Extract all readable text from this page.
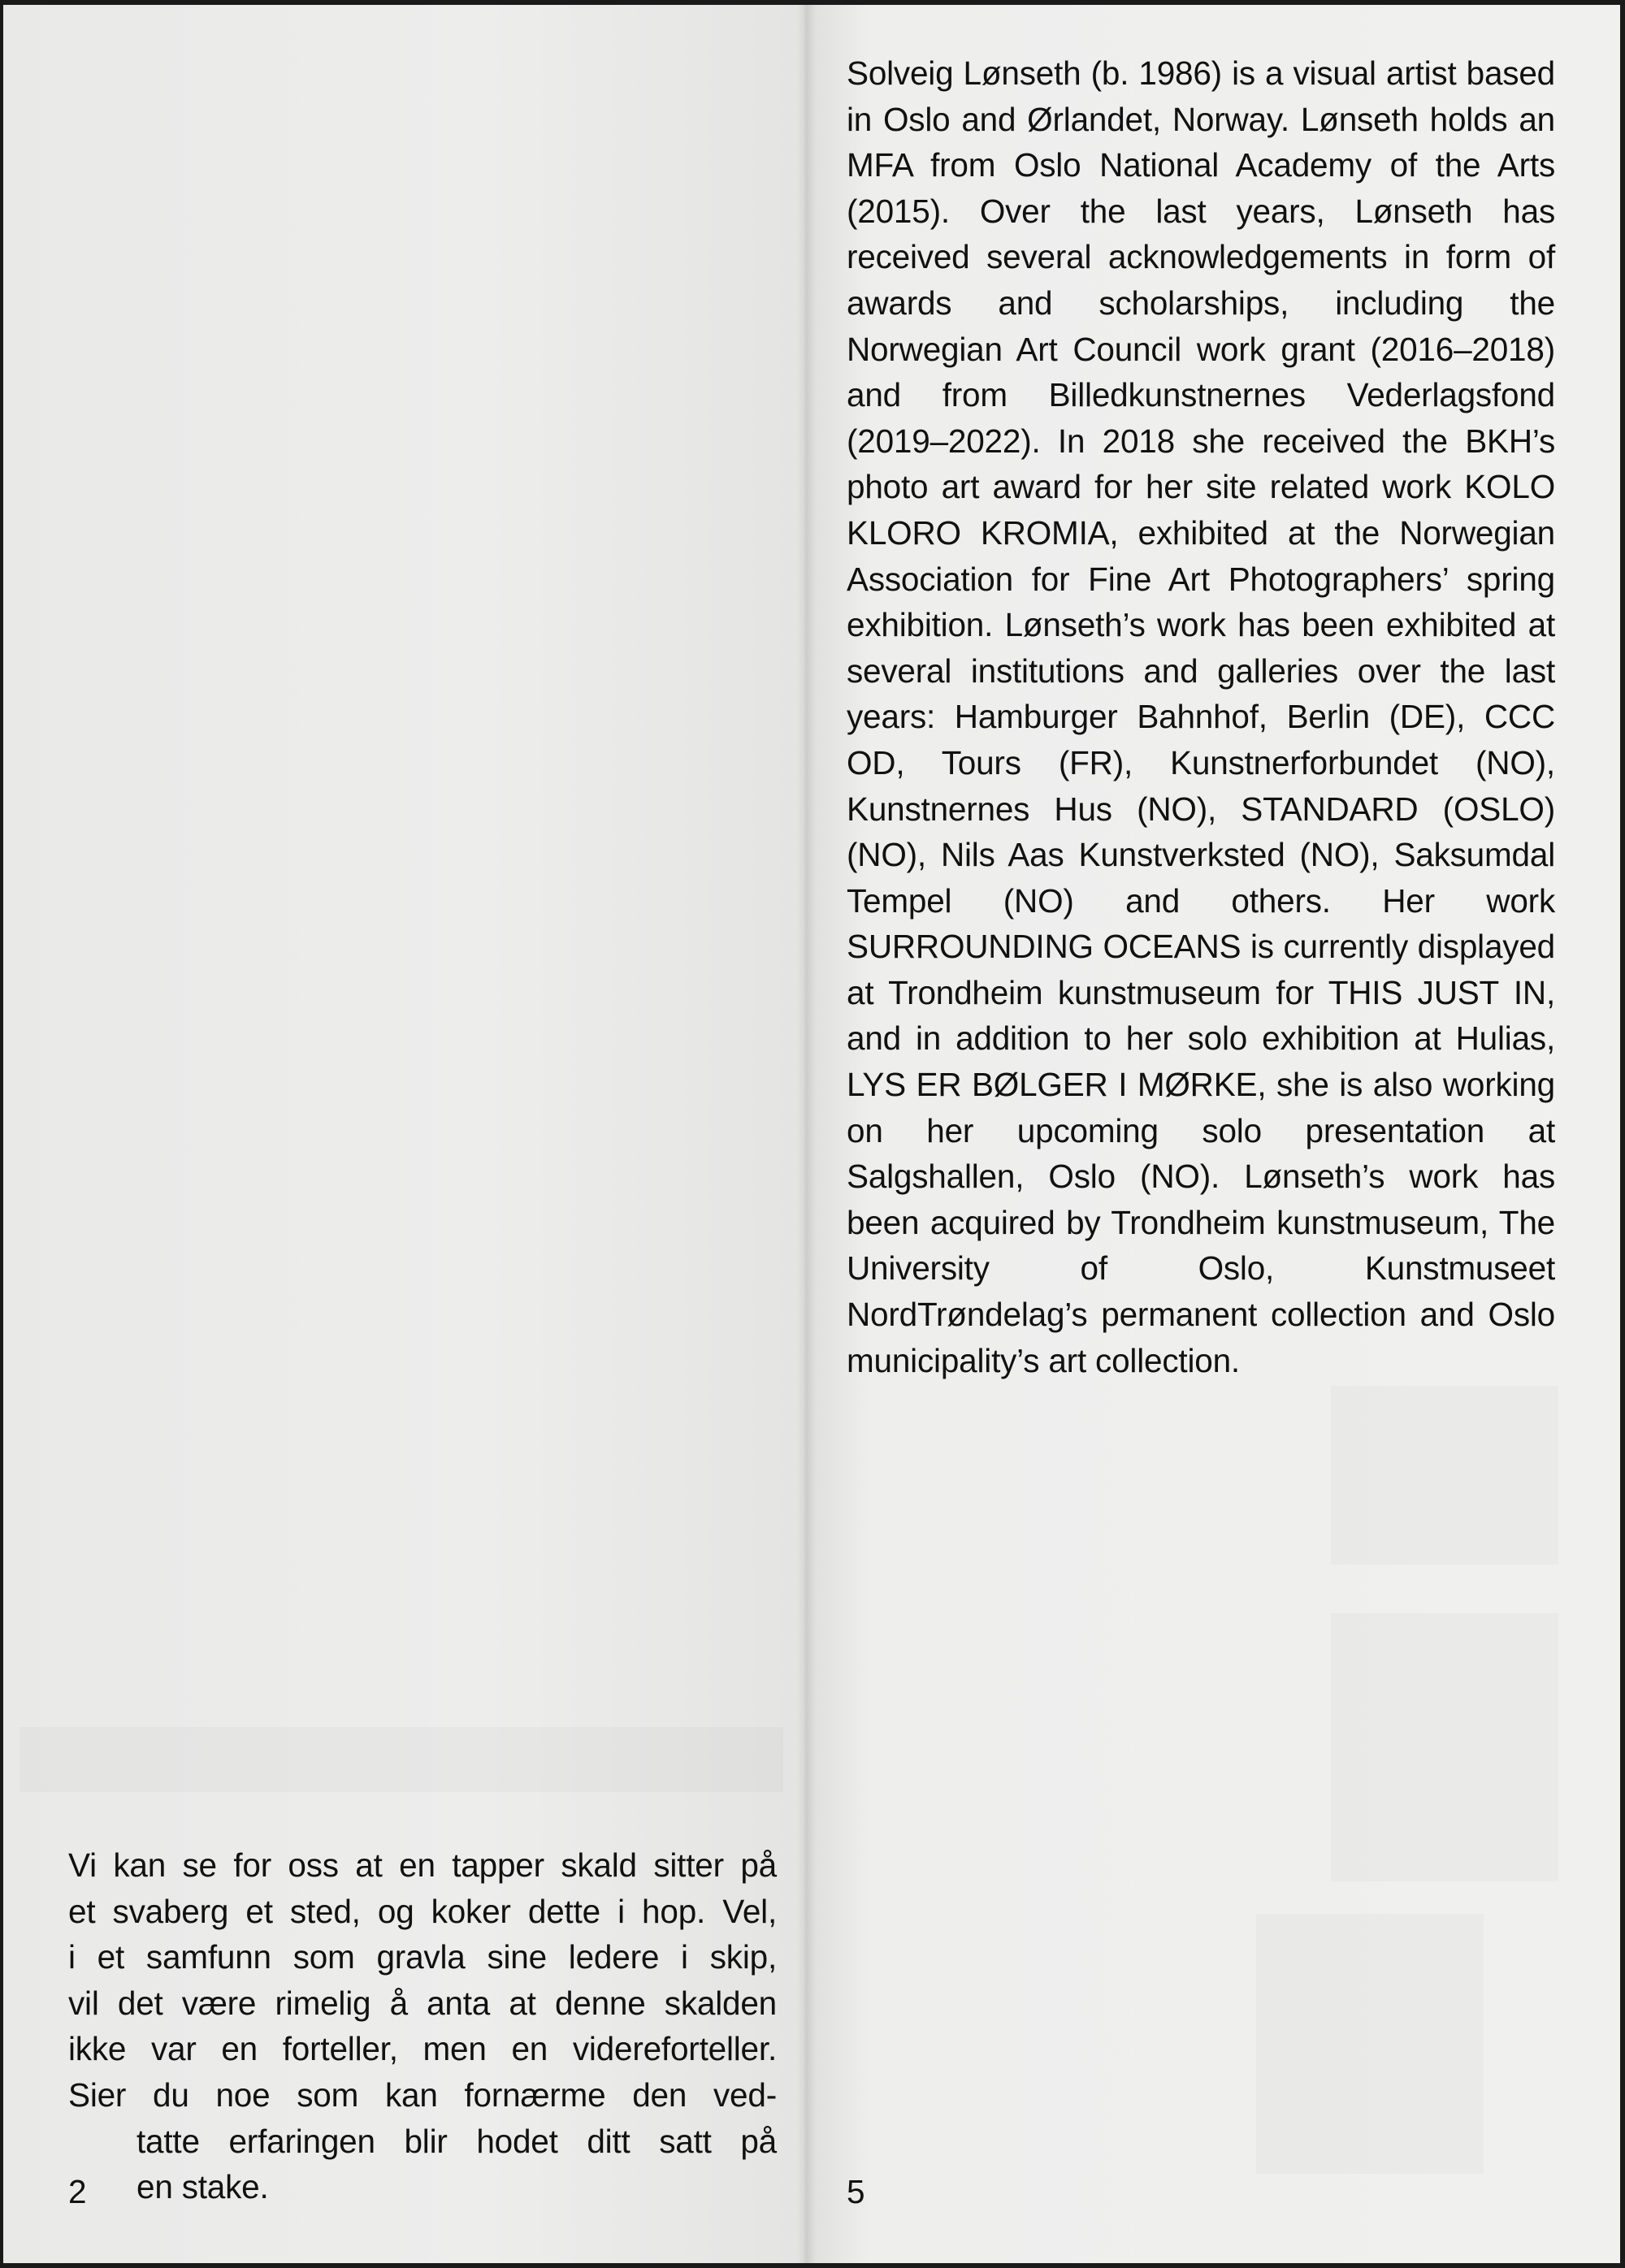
Solveig Lønseth (b. 1986) is a visual artist based in Oslo and Ørlandet, Norway. Lønseth holds an MFA from Oslo National Academy of the Arts (2015). Over the last years, Lønseth has received several acknowledgements in form of awards and scholarships, including the Norwegian Art Council work grant (2016–2018) and from Billedkunstnernes Vederlagsfond (2019–2022). In 2018 she received the BKH’s photo art award for her site related work KOLO KLORO KROMIA, exhibited at the Norwegian Association for Fine Art Photographers’ spring exhibition. Lønseth’s work has been exhibited at several institutions and galleries over the last years: Hamburger Bahnhof, Berlin (DE), CCC OD, Tours (FR), Kunstnerforbundet (NO), Kunstnernes Hus (NO), STANDARD (OSLO) (NO), Nils Aas Kunstverksted (NO), Saksumdal Tempel (NO) and others. Her work SURROUNDING OCEANS is currently displayed at Trondheim kunstmuseum for THIS JUST IN, and in addition to her solo exhibition at Hulias, LYS ER BØLGER I MØRKE, she is also working on her upcoming solo presentation at Salgshallen, Oslo (NO). Lønseth’s work has been acquired by Trondheim kunstmuseum, The University of Oslo, Kunstmuseet NordTrøndelag’s permanent collection and Oslo municipality’s art collection.

Vi kan se for oss at en tapper skald sitter på
et svaberg et sted, og koker dette i hop. Vel,
i et samfunn som gravla sine ledere i skip,
vil det være rimelig å anta at denne skalden
ikke var en forteller, men en videreforteller.
Sier du noe som kan fornærme den ved-
tatte erfaringen blir hodet ditt satt på
en stake.

2	5
